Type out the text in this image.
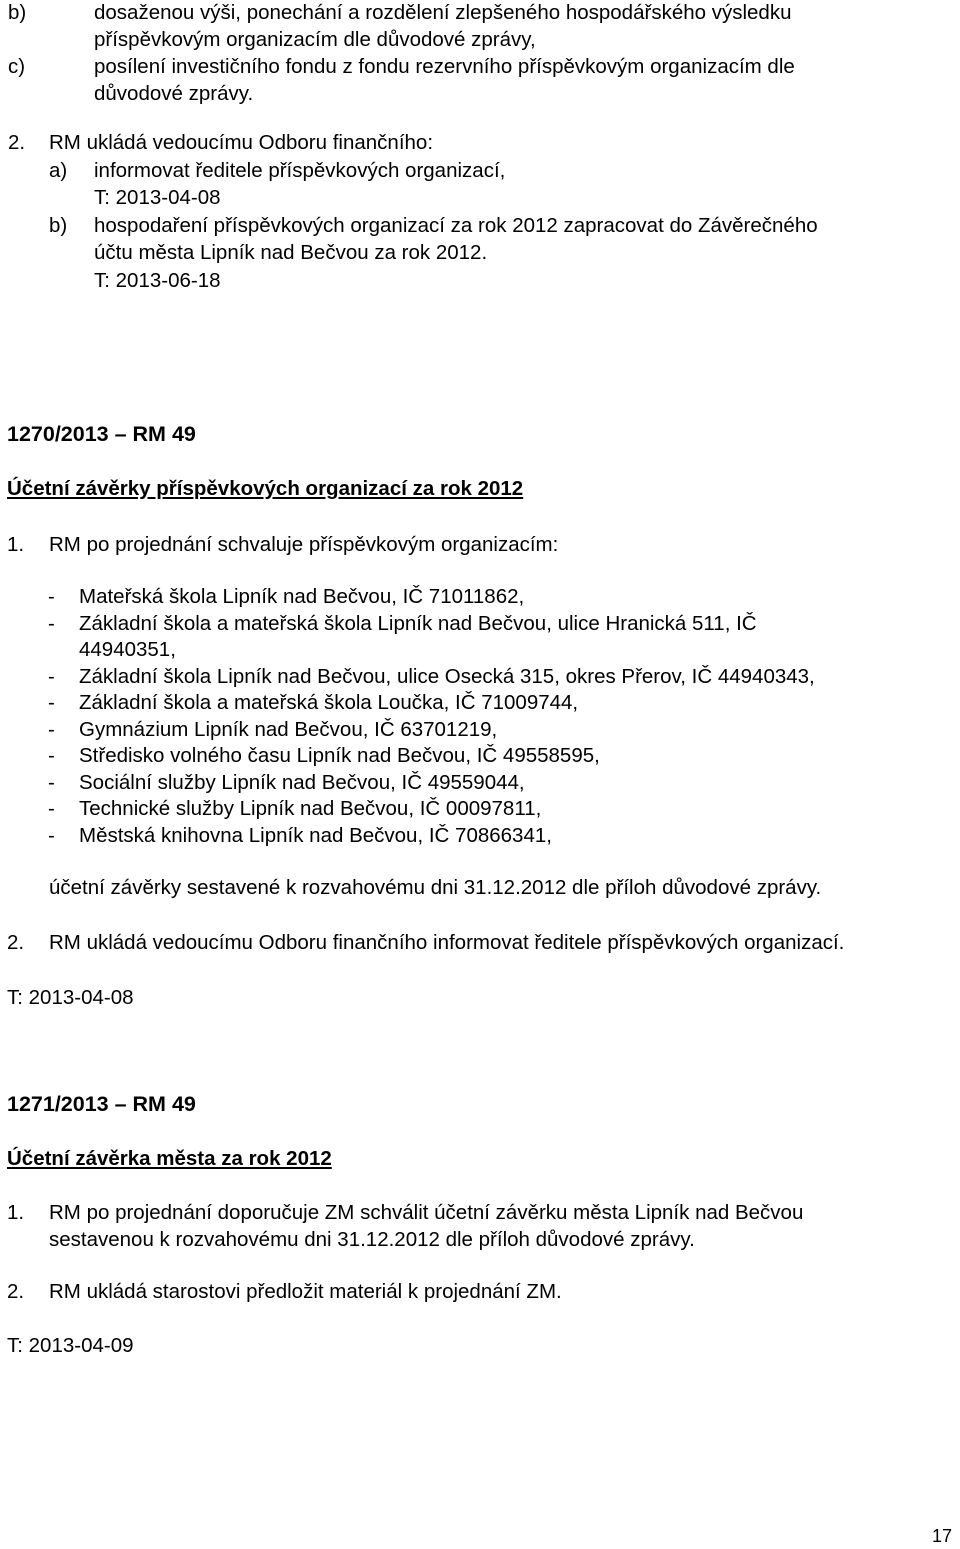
b)	dosaženou výši, ponechání a rozdělení zlepšeného hospodářského výsledku
příspěvkovým organizacím dle důvodové zprávy,
c)	posílení investičního fondu z fondu rezervního příspěvkovým organizacím dle
důvodové zprávy.
2. RM ukládá vedoucímu Odboru finančního:
a) informovat ředitele příspěvkových organizací,
T: 2013-04-08
b) hospodaření příspěvkových organizací za rok 2012 zapracovat do Závěrečného
účtu města Lipník nad Bečvou za rok 2012.
T: 2013-06-18
1270/2013 – RM 49
Účetní závěrky příspěvkových organizací za rok 2012
1. RM po projednání schvaluje příspěvkovým organizacím:
- Mateřská škola Lipník nad Bečvou, IČ 71011862,
- Základní škola a mateřská škola Lipník nad Bečvou, ulice Hranická 511, IČ
44940351,
- Základní škola Lipník nad Bečvou, ulice Osecká 315, okres Přerov, IČ 44940343,
- Základní škola a mateřská škola Loučka, IČ 71009744,
- Gymnázium Lipník nad Bečvou, IČ 63701219,
- Středisko volného času Lipník nad Bečvou, IČ 49558595,
- Sociální služby Lipník nad Bečvou, IČ 49559044,
- Technické služby Lipník nad Bečvou, IČ 00097811,
- Městská knihovna Lipník nad Bečvou, IČ 70866341,
účetní závěrky sestavené k rozvahovému dni 31.12.2012 dle příloh důvodové zprávy.
2. RM ukládá vedoucímu Odboru finančního informovat ředitele příspěvkových organizací.
T: 2013-04-08
1271/2013 – RM 49
Účetní závěrka města za rok 2012
1. RM po projednání doporučuje ZM schválit účetní závěrku města Lipník nad Bečvou
sestavenou k rozvahovému dni 31.12.2012 dle příloh důvodové zprávy.
2. RM ukládá starostovi předložit materiál k projednání ZM.
T: 2013-04-09
17
